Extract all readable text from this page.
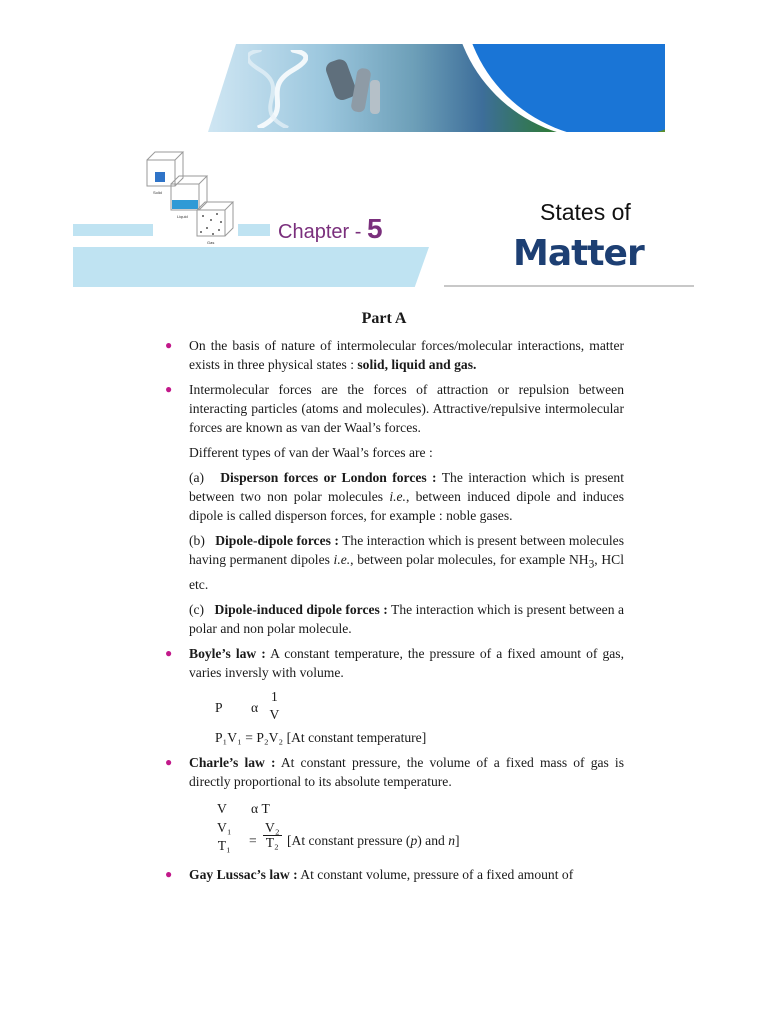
Solid
Liquid
Gas	Chapter - 5
States of
Matter
Part A
● On the basis of nature of intermolecular forces/molecular interactions, matter exists in three physical states : solid, liquid and gas.
● Intermolecular forces are the forces of attraction or repulsion between interacting particles (atoms and molecules). Attractive/repulsive intermolecular forces are known as van der Waal’s forces.
Different types of van der Waal’s forces are :
(a) Disperson forces or London forces : The interaction which is present between two non polar molecules i.e., between induced dipole and induces dipole is called disperson forces, for example : noble gases.
(b) Dipole-dipole forces : The interaction which is present between molecules having permanent dipoles i.e., between polar molecules, for example $NH_3$, HCl etc.
(c) Dipole-induced dipole forces : The interaction which is present between a polar and non polar molecule.
● Boyle’s law : A constant temperature, the pressure of a fixed amount of gas, varies inversly with volume.
P α
1
V
P₁V₁ = P₂V₂ [At constant temperature]
● Charle’s law : At constant pressure, the volume of a fixed mass of gas is directly proportional to its absolute temperature.
V α T
V₁
$T_1 = \frac{\text{V₂}}{\text{T₂}} [At$ constant pressure (p) and n]
● Gay Lussac’s law : At constant volume, pressure of a fixed amount of
